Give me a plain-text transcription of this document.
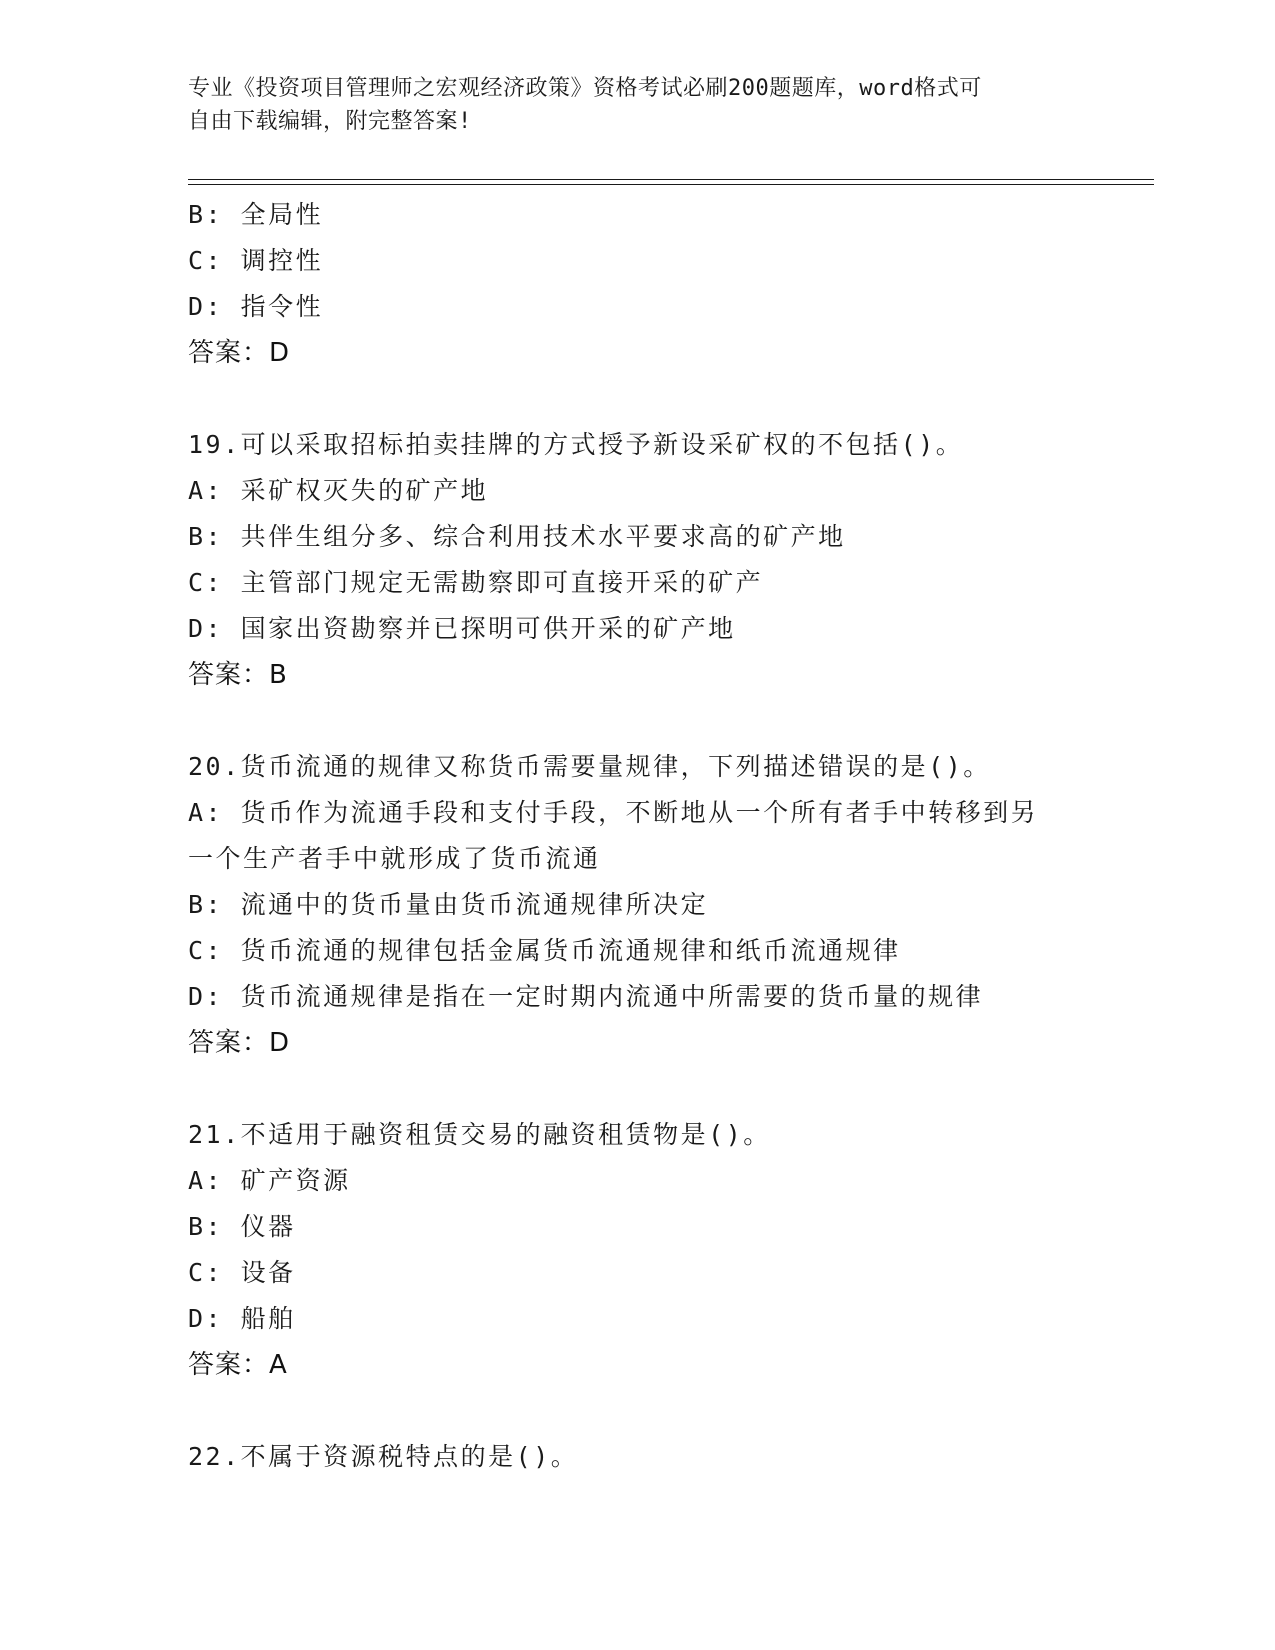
专业《投资项目管理师之宏观经济政策》资格考试必刷200题题库，word格式可
自由下载编辑，附完整答案!
B: 全局性
C: 调控性
D: 指令性
答案：D
19.可以采取招标拍卖挂牌的方式授予新设采矿权的不包括()。
A: 采矿权灭失的矿产地
B: 共伴生组分多、综合利用技术水平要求高的矿产地
C: 主管部门规定无需勘察即可直接开采的矿产
D: 国家出资勘察并已探明可供开采的矿产地
答案：B
20.货币流通的规律又称货币需要量规律，下列描述错误的是()。
A: 货币作为流通手段和支付手段，不断地从一个所有者手中转移到另
一个生产者手中就形成了货币流通
B: 流通中的货币量由货币流通规律所决定
C: 货币流通的规律包括金属货币流通规律和纸币流通规律
D: 货币流通规律是指在一定时期内流通中所需要的货币量的规律
答案：D
21.不适用于融资租赁交易的融资租赁物是()。
A: 矿产资源
B: 仪器
C: 设备
D: 船舶
答案：A
22.不属于资源税特点的是()。
